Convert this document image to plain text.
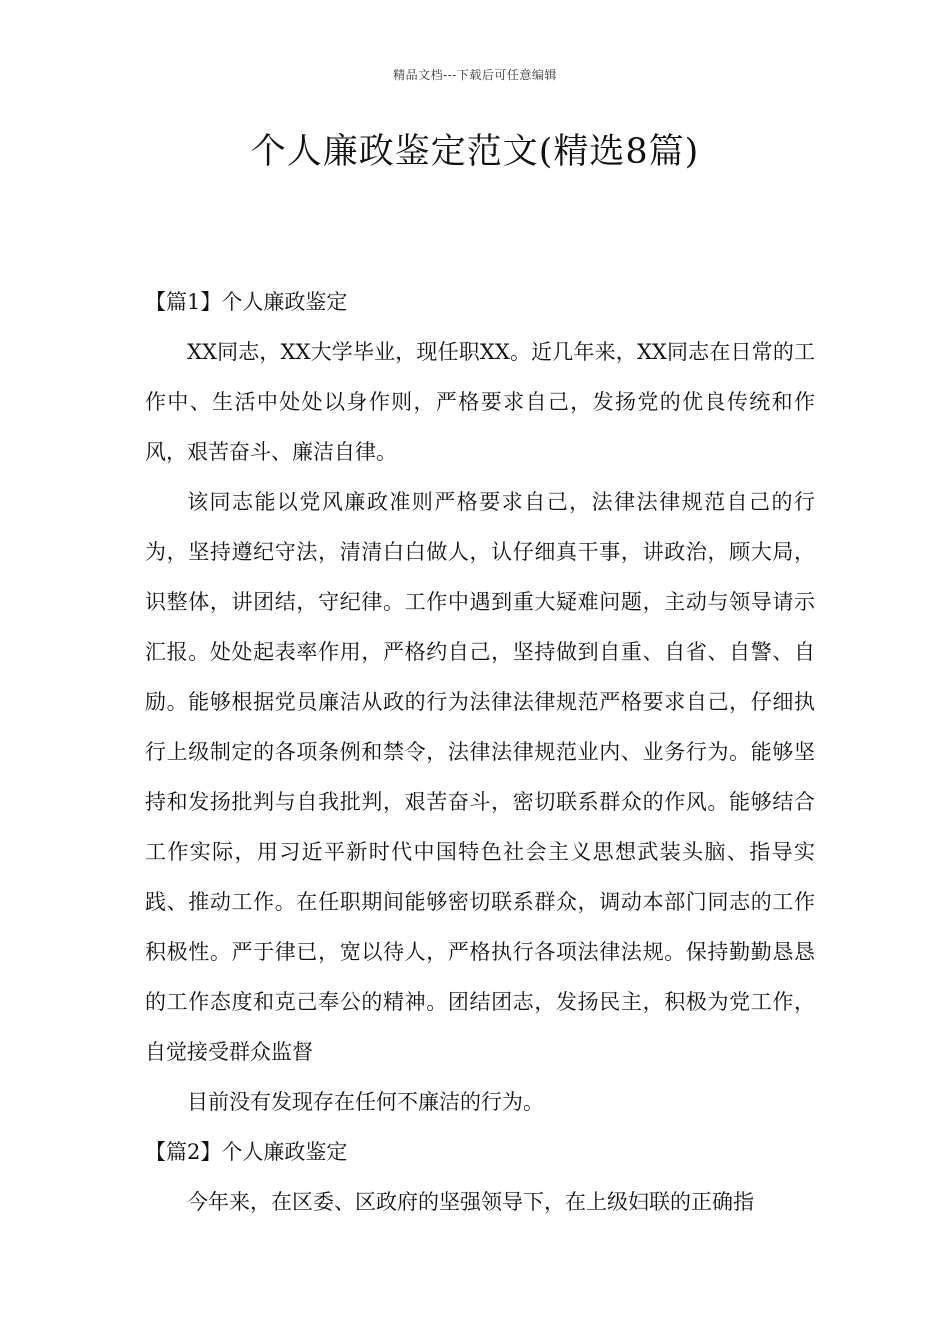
精品文档---下载后可任意编辑
个人廉政鉴定范文(精选8篇)
【篇1】个人廉政鉴定

XX同志，XX大学毕业，现任职XX。近几年来，XX同志在日常的工作中、生活中处处以身作则，严格要求自己，发扬党的优良传统和作风，艰苦奋斗、廉洁自律。

该同志能以党风廉政准则严格要求自己，法律法律规范自己的行为，坚持遵纪守法，清清白白做人，认仔细真干事，讲政治，顾大局，识整体，讲团结，守纪律。工作中遇到重大疑难问题，主动与领导请示汇报。处处起表率作用，严格约自己，坚持做到自重、自省、自警、自励。能够根据党员廉洁从政的行为法律法律规范严格要求自己，仔细执行上级制定的各项条例和禁令，法律法律规范业内、业务行为。能够坚持和发扬批判与自我批判，艰苦奋斗，密切联系群众的作风。能够结合工作实际，用习近平新时代中国特色社会主义思想武装头脑、指导实践、推动工作。在任职期间能够密切联系群众，调动本部门同志的工作积极性。严于律已，宽以待人，严格执行各项法律法规。保持勤勤恳恳的工作态度和克己奉公的精神。团结团志，发扬民主，积极为党工作，自觉接受群众监督

目前没有发现存在任何不廉洁的行为。

【篇2】个人廉政鉴定

今年来，在区委、区政府的坚强领导下，在上级妇联的正确指
